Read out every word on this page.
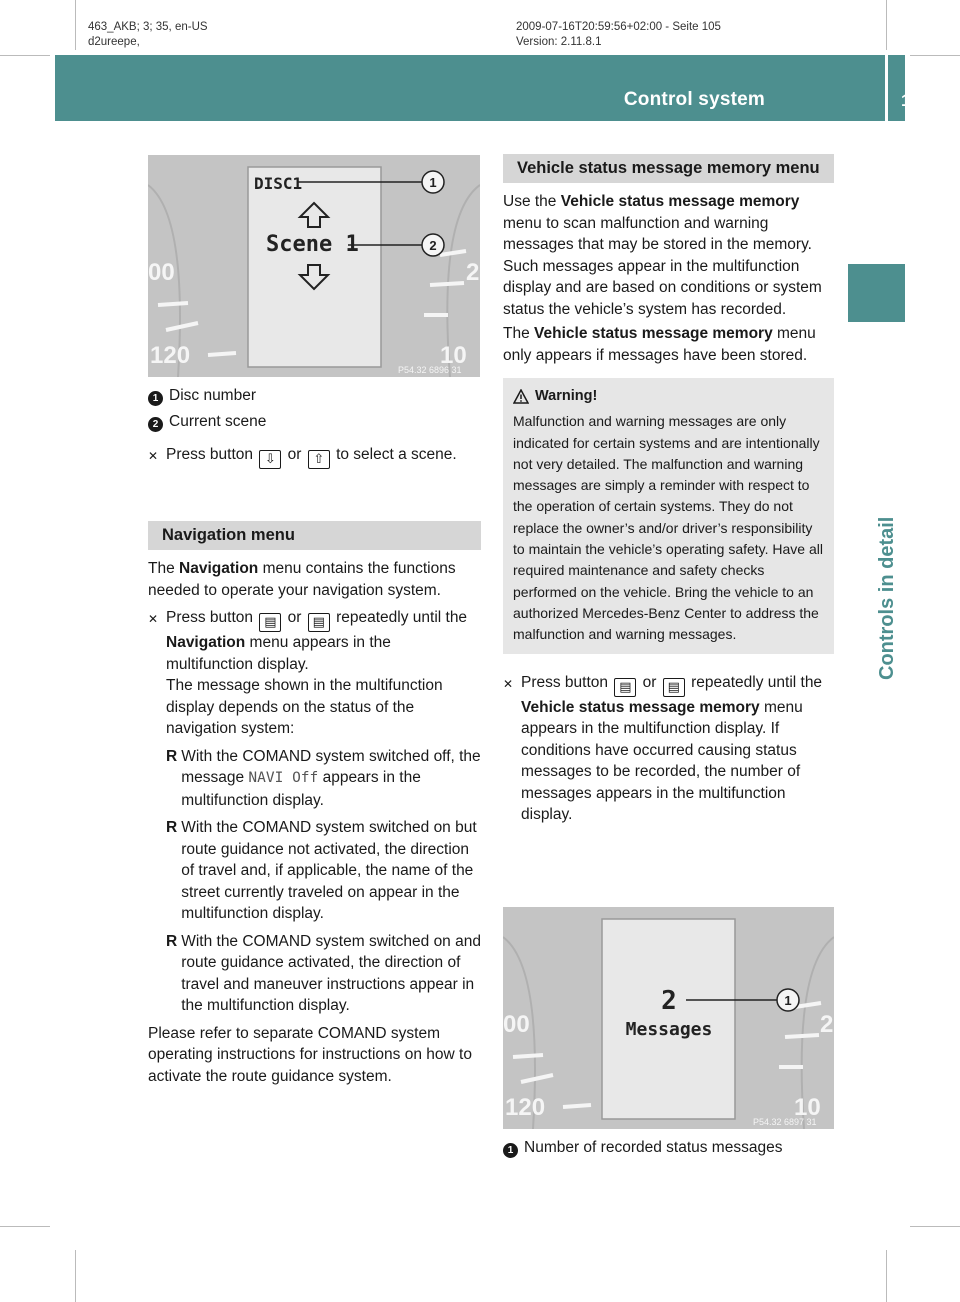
463_AKB; 3; 35, en-US
d2ureepe,
2009-07-16T20:59:56+02:00 - Seite 105
Version: 2.11.8.1
Control system	105
Controls in detail
DISC1
Scene 1
1
2
00
120
2
10
P54.32 6896 31
1 Disc number
2 Current scene
✕ Press button ⇩ or ⇧ to select a scene.

Navigation menu

The Navigation menu contains the functions needed to operate your navigation system.

✕ Press button ▤ or ▤ repeatedly until the Navigation menu appears in the multifunction display.

The message shown in the multifunction display depends on the status of the navigation system:

R With the COMAND system switched off, the message NAVI Off appears in the multifunction display.

R With the COMAND system switched on but route guidance not activated, the direction of travel and, if applicable, the name of the street currently traveled on appear in the multifunction display.

R With the COMAND system switched on and route guidance activated, the direction of travel and maneuver instructions appear in the multifunction display.

Please refer to separate COMAND system operating instructions for instructions on how to activate the route guidance system.

Vehicle status message memory menu

Use the Vehicle status message memory menu to scan malfunction and warning messages that may be stored in the memory. Such messages appear in the multifunction display and are based on conditions or system status the vehicle’s system has recorded.

The Vehicle status message memory menu only appears if messages have been stored.

Warning!

Malfunction and warning messages are only indicated for certain systems and are intentionally not very detailed. The malfunction and warning messages are simply a reminder with respect to the operation of certain systems. They do not replace the owner’s and/or driver’s responsibility to maintain the vehicle’s operating safety. Have all required maintenance and safety checks performed on the vehicle. Bring the vehicle to an authorized Mercedes-Benz Center to address the malfunction and warning messages.

✕ Press button ▤ or ▤ repeatedly until the Vehicle status message memory menu appears in the multifunction display. If conditions have occurred causing status messages to be recorded, the number of messages appears in the multifunction display.

2
Messages
1
00
120
2
10
P54.32 6897 31
1 Number of recorded status messages
